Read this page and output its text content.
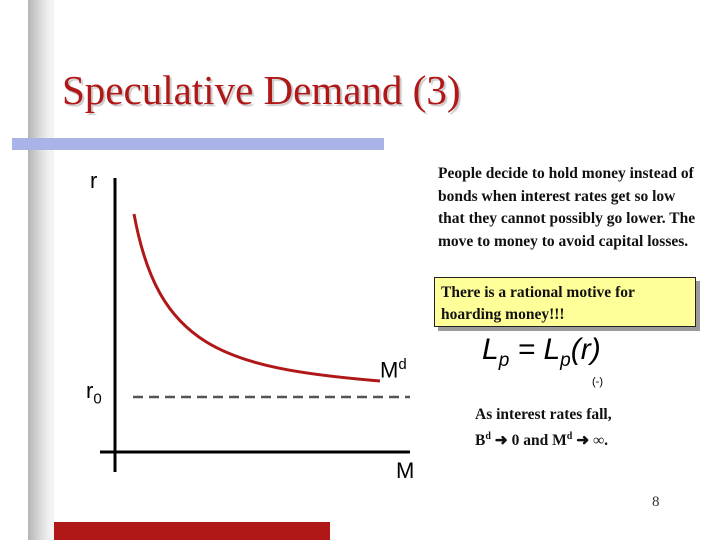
Speculative Demand (3)
r
$r_0$
M
$M^d$
People decide to hold money instead of bonds when interest rates get so low that they cannot possibly go lower. The move to money to avoid capital losses.
There is a rational motive for hoarding money!!!
$L_p = L_p(r)$
(-)
As interest rates fall,
$B^d$ ➜ 0 and $M^d$ ➜ ∞.
8
